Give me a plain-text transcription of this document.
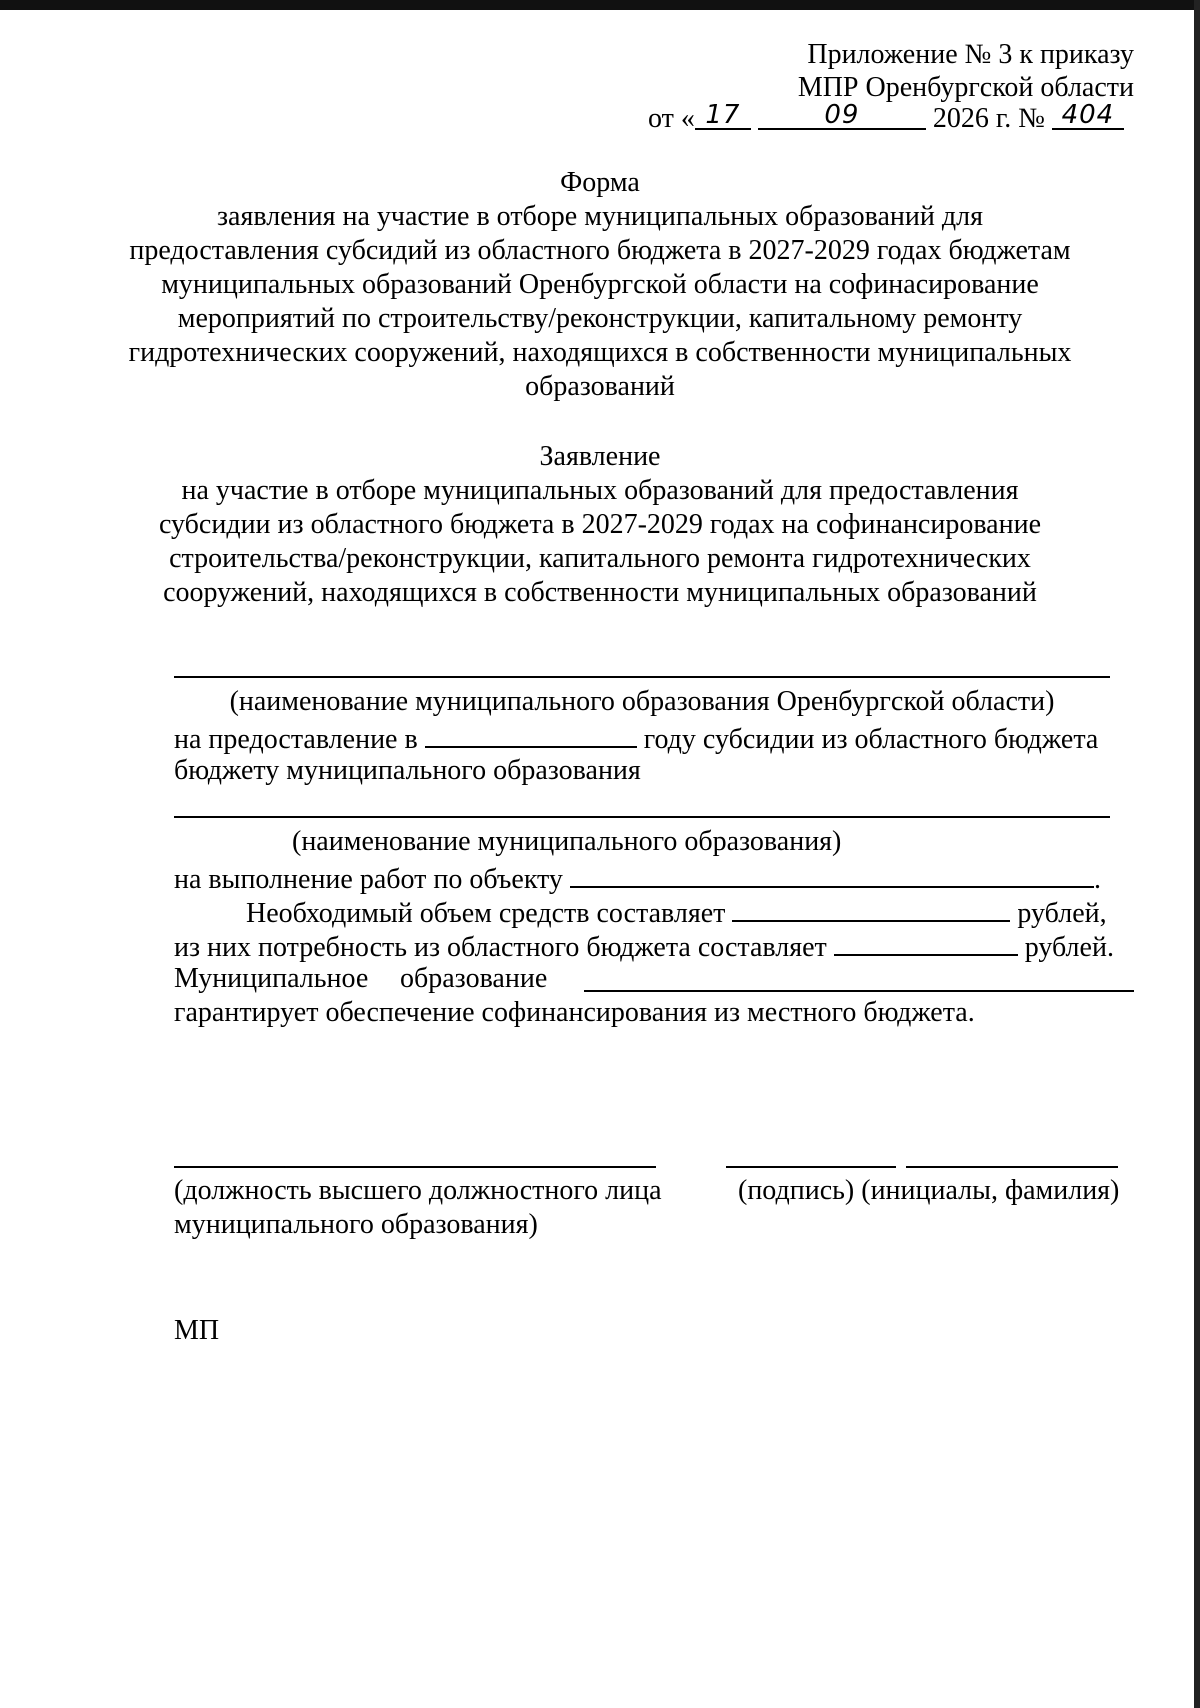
Приложение № 3 к приказу
МПР Оренбургской области
от « 17	09	2026 г. № 404
Форма
заявления на участие в отборе муниципальных образований для
предоставления субсидий из областного бюджета в 2027-2029 годах бюджетам
муниципальных образований Оренбургской области на софинасирование
мероприятий по строительству/реконструкции, капитальному ремонту
гидротехнических сооружений, находящихся в собственности муниципальных
образований
Заявление
на участие в отборе муниципальных образований для предоставления
субсидии из областного бюджета в 2027-2029 годах на софинансирование
строительства/реконструкции, капитального ремонта гидротехнических
сооружений, находящихся в собственности муниципальных образований
(наименование муниципального образования Оренбургской области)
на предоставление в	году субсидии из областного бюджета
бюджету муниципального образования
(наименование муниципального образования)
на выполнение работ по объекту	.
Необходимый объем средств составляет	рублей,
из них потребность из областного бюджета составляет	рублей.
Муниципальное образование
гарантирует обеспечение софинансирования из местного бюджета.
(должность высшего должностного лица
муниципального образования)
(подпись) (инициалы, фамилия)
МП
